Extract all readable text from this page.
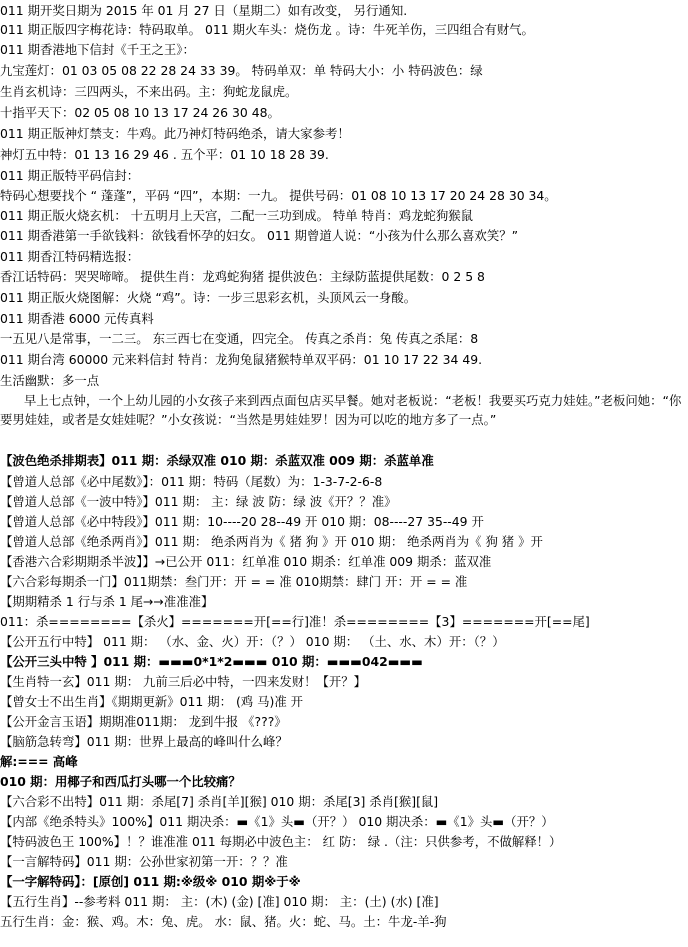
011 期开奖日期为 2015 年 01 月 27 日（星期二）如有改变， 另行通知.
011 期正版四字梅花诗：特码取单。 011 期火车头：烧伤龙 。诗：牛死羊伤，三四组合有财气。
011 期香港地下信封《千王之王》：
九宝莲灯：01 03 05 08 22 28 24 33 39。 特码单双：单 特码大小：小 特码波色：绿
生肖玄机诗：三四两头，不来出码。主：狗蛇龙鼠虎。
十指平天下：02 05 08 10 13 17 24 26 30 48。
011 期正版神灯禁支：牛鸡。此乃神灯特码绝杀，请大家参考！
神灯五中特：01 13 16 29 46 . 五个平：01 10 18 28 39.
011 期正版特平码信封：
特码心想要找个 “ 蓬蓬”，平码 “四”，本期：一九。 提供号码：01 08 10 13 17 20 24 28 30 34。
011 期正版火烧玄机： 十五明月上天宫，二配一三功到成。 特单 特肖：鸡龙蛇狗猴鼠
011 期香港第一手欲钱料：欲钱看怀孕的妇女。 011 期曾道人说：“小孩为什么那么喜欢笑？”
011 期香江特码精选报：
香江话特码：哭哭啼啼。 提供生肖：龙鸡蛇狗猪 提供波色：主绿防蓝提供尾数：0 2 5 8
011 期正版火烧图解：火烧 “鸡”。诗：一步三思彩玄机，头顶风云一身酸。
011 期香港 6000 元传真料
一五见八是常事，一二三。 东三西七在变通，四完全。 传真之杀肖：兔 传真之杀尾：8
011 期台湾 60000 元来料信封 特肖：龙狗兔鼠猪猴特单双平码：01 10 17 22 34 49.
生活幽默：多一点
早上七点钟，一个上幼儿园的小女孩子来到西点面包店买早餐。她对老板说：“老板！我要买巧克力娃娃。”老板问她：“你要男娃娃，或者是女娃娃呢？”小女孩说：“当然是男娃娃罗！因为可以吃的地方多了一点。”
【波色绝杀排期表】011 期：杀绿双准 010 期：杀蓝双准 009 期：杀蓝单准
【曾道人总部《必中尾数》】：011 期：特码（尾数）为：1-3-7-2-6-8
【曾道人总部《一波中特》】011 期： 主：绿 波 防：绿 波《开？？准》
【曾道人总部《必中特段》】011 期：10----20 28--49 开 010 期：08----27 35--49 开
【曾道人总部《绝杀两肖》】011 期： 绝杀两肖为《 猪 狗 》开 010 期： 绝杀两肖为《 狗 猪 》开
【香港六合彩期期杀半波】】→已公开 011：红单准 010 期杀：红单准 009 期杀：蓝双准
【六合彩每期杀一门】011期禁：叁门开：开 = = 准 010期禁：肆门 开：开 = = 准
【期期精杀 1 行与杀 1 尾→→准准准】
011：杀========【杀火】=======开[==行]准！杀========【3】=======开[==尾]
【公开五行中特】 011 期： （水、金、火）开：（？） 010 期： （土、水、木）开：（？）
【公开三头中特 】011 期：▬▬▬0*1*2▬▬▬ 010 期：▬▬▬042▬▬▬
【生肖特一玄】011 期： 九前三后必中特，一四来发财！【开？】
【曾女士不出生肖】《期期更新》011 期： (鸡 马)准 开
【公开金言玉语】期期准011期： 龙到牛报 《???》
【脑筋急转弯】011 期：世界上最高的峰叫什么峰？
解:=== 高峰
010 期：用椰子和西瓜打头哪一个比较痛？
【六合彩不出特】011 期：杀尾[7] 杀肖[羊][猴] 010 期：杀尾[3] 杀肖[猴][鼠]
【内部《绝杀特头》100%】011 期决杀：▬《1》头▬（开？） 010 期决杀：▬《1》头▬（开？）
【特码波色王 100%】！？谁准准 011 每期必中波色主： 红 防： 绿 .（注：只供参考，不做解释！）
【一言解特码】011 期：公孙世家初第一开：？？准
【一字解特码】：[原创] 011 期:※级※ 010 期※于※
【五行生肖】--参考料 011 期： 主：(木) (金) [准] 010 期： 主：(土) (水) [准]
五行生肖：金：猴、鸡。木：兔、虎。 水：鼠、猪。火：蛇、马。土：牛龙-羊-狗
